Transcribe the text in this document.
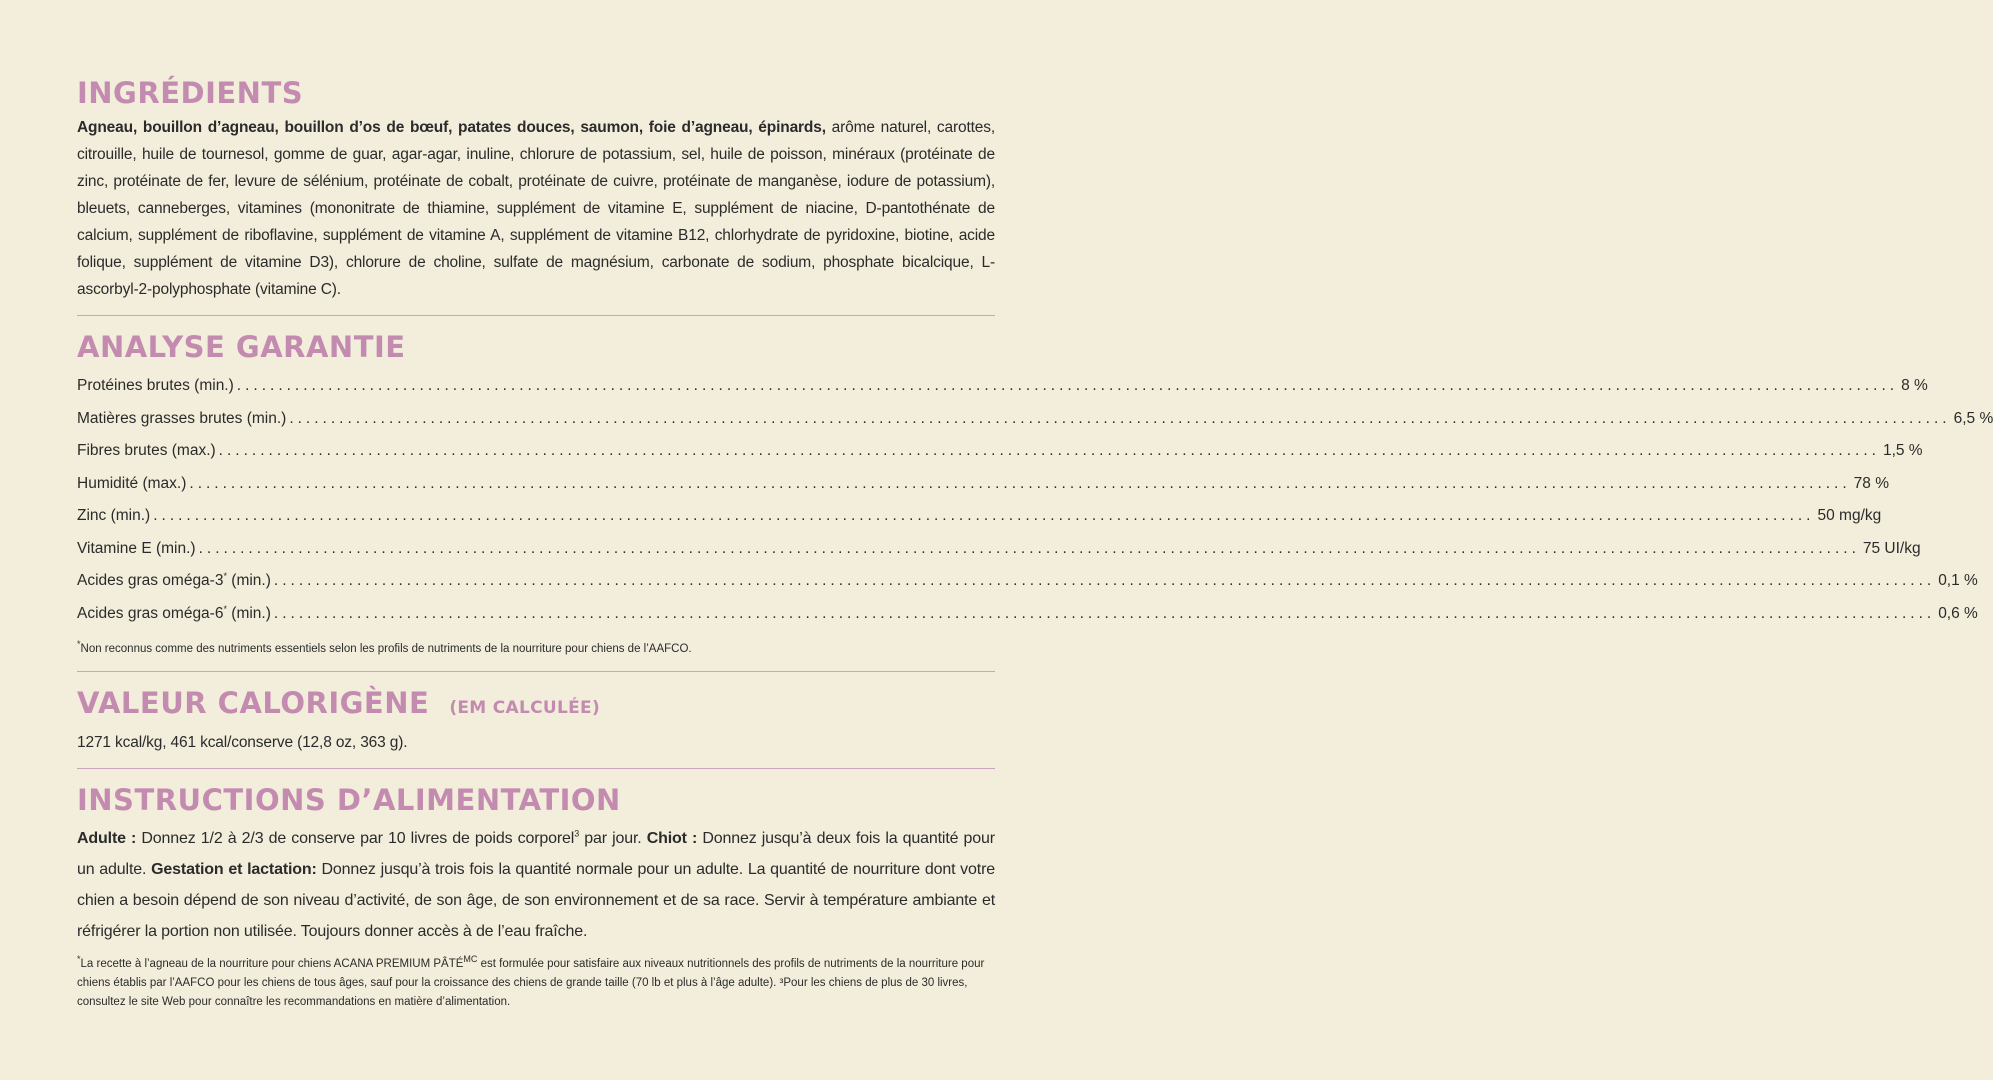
INGRÉDIENTS

Agneau, bouillon d’agneau, bouillon d’os de bœuf, patates douces, saumon, foie d’agneau, épinards, arôme naturel, carottes, citrouille, huile de tournesol, gomme de guar, agar-agar, inuline, chlorure de potassium, sel, huile de poisson, minéraux (protéinate de zinc, protéinate de fer, levure de sélénium, protéinate de cobalt, protéinate de cuivre, protéinate de manganèse, iodure de potassium), bleuets, canneberges, vitamines (mononitrate de thiamine, supplément de vitamine E, supplément de niacine, D-pantothénate de calcium, supplément de riboflavine, supplément de vitamine A, supplément de vitamine B12, chlorhydrate de pyridoxine, biotine, acide folique, supplément de vitamine D3), chlorure de choline, sulfate de magnésium, carbonate de sodium, phosphate bicalcique, L-ascorbyl-2-polyphosphate (vitamine C).

ANALYSE GARANTIE
Protéines brutes (min.) ........................................................................................................................................................................................................ 8 %
Matières grasses brutes (min.) ........................................................................................................................................................................................................ 6,5 %
Fibres brutes (max.) ........................................................................................................................................................................................................ 1,5 %
Humidité (max.) ........................................................................................................................................................................................................ 78 %
Zinc (min.) ........................................................................................................................................................................................................ 50 mg/kg
Vitamine E (min.) ........................................................................................................................................................................................................ 75 UI/kg
Acides gras oméga-3* (min.) ........................................................................................................................................................................................................ 0,1 %
Acides gras oméga-6* (min.) ........................................................................................................................................................................................................ 0,6 %

*Non reconnus comme des nutriments essentiels selon les profils de nutriments de la nourriture pour chiens de l’AAFCO.

VALEUR CALORIGÈNE (EM CALCULÉE)

1271 kcal/kg, 461 kcal/conserve (12,8 oz, 363 g).

INSTRUCTIONS D’ALIMENTATION

Adulte : Donnez 1/2 à 2/3 de conserve par 10 livres de poids corporel$^3$ par jour. Chiot : Donnez jusqu’à deux fois la quantité pour un adulte. Gestation et lactation: Donnez jusqu’à trois fois la quantité normale pour un adulte. La quantité de nourriture dont votre chien a besoin dépend de son niveau d’activité, de son âge, de son environnement et de sa race. Servir à température ambiante et réfrigérer la portion non utilisée. Toujours donner accès à de l’eau fraîche.

*La recette à l’agneau de la nourriture pour chiens ACANA PREMIUM $PÂTÉ^{MC}$ est formulée pour satisfaire aux niveaux nutritionnels des profils de nutriments de la nourriture pour chiens établis par l’AAFCO pour les chiens de tous âges, sauf pour la croissance des chiens de grande taille (70 lb et plus à l’âge adulte). ³Pour les chiens de plus de 30 livres, consultez le site Web pour connaître les recommandations en matière d’alimentation.
